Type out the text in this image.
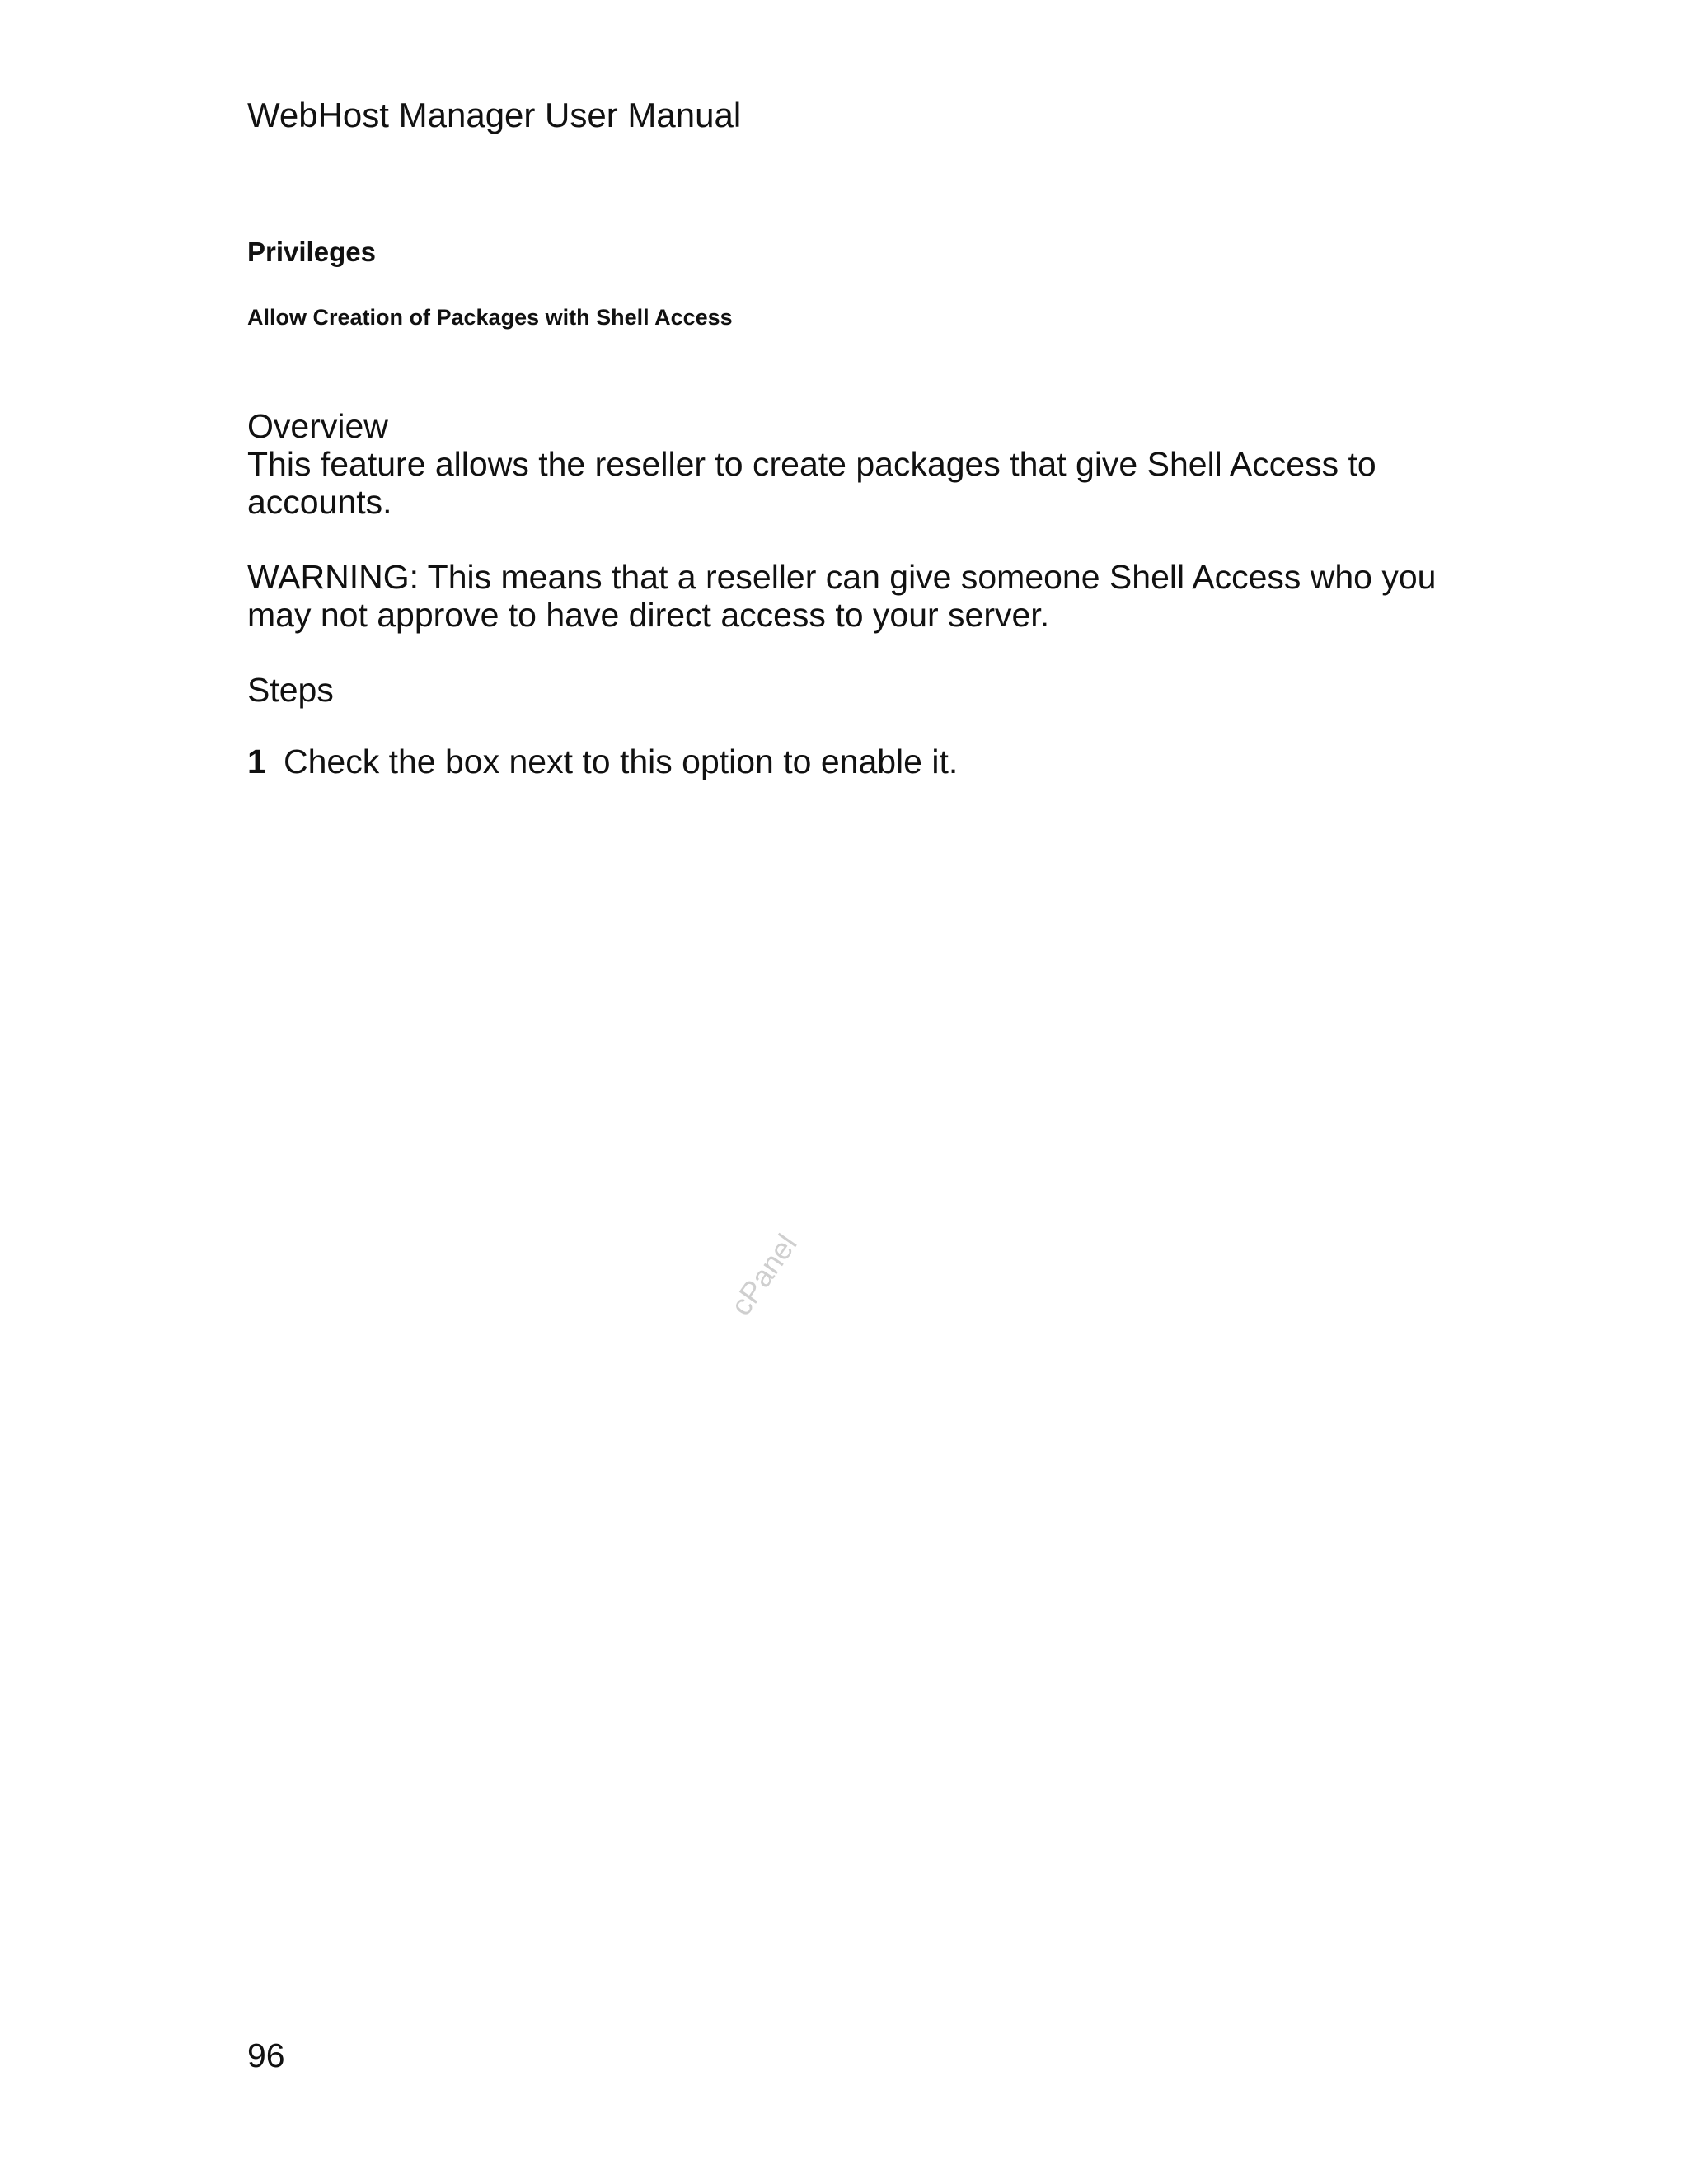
WebHost Manager User Manual
Privileges
Allow Creation of Packages with Shell Access

Overview

This feature allows the reseller to create packages that give Shell Access to accounts.

WARNING: This means that a reseller can give someone Shell Access who you may not approve to have direct access to your server.

Steps

1 Check the box next to this option to enable it.
cPanel
96
